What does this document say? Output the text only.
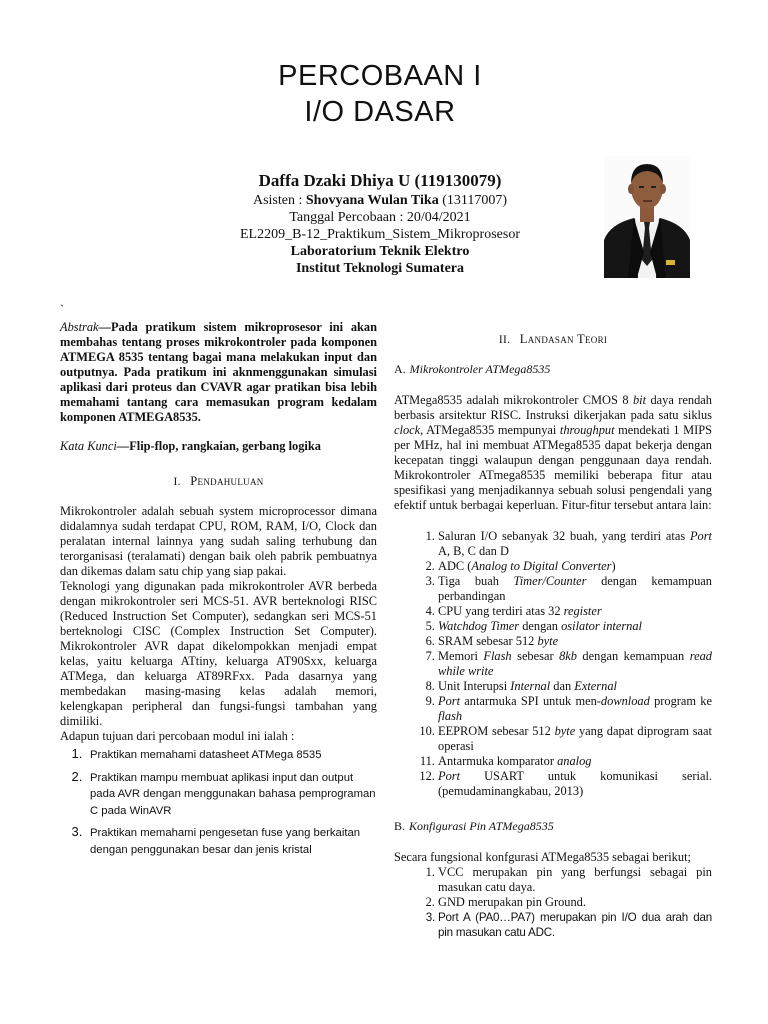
PERCOBAAN I
I/O DASAR
Daffa Dzaki Dhiya U (119130079)
Asisten : Shovyana Wulan Tika (13117007)
Tanggal Percobaan : 20/04/2021
EL2209_B-12_Praktikum_Sistem_Mikroprosesor
Laboratorium Teknik Elektro
Institut Teknologi Sumatera
`

Abstrak—Pada pratikum sistem mikroprosesor ini akan membahas tentang proses mikrokontroler pada komponen ATMEGA 8535 tentang bagai mana melakukan input dan outputnya. Pada pratikum ini aknmenggunakan simulasi aplikasi dari proteus dan CVAVR agar pratikan bisa lebih memahami tantang cara memasukan program kedalam komponen ATMEGA8535.

Kata Kunci—Flip-flop, rangkaian, gerbang logika

I. Pendahuluan

Mikrokontroler adalah sebuah system microprocessor dimana didalamnya sudah terdapat CPU, ROM, RAM, I/O, Clock dan peralatan internal lainnya yang sudah saling terhubung dan terorganisasi (teralamati) dengan baik oleh pabrik pembuatnya dan dikemas dalam satu chip yang siap pakai.

Teknologi yang digunakan pada mikrokontroler AVR berbeda dengan mikrokontroler seri MCS-51. AVR berteknologi RISC (Reduced Instruction Set Computer), sedangkan seri MCS-51 berteknologi CISC (Complex Instruction Set Computer). Mikrokontroler AVR dapat dikelompokkan menjadi empat kelas, yaitu keluarga ATtiny, keluarga AT90Sxx, keluarga ATMega, dan keluarga AT89RFxx. Pada dasarnya yang membedakan masing-masing kelas adalah memori, kelengkapan peripheral dan fungsi-fungsi tambahan yang dimiliki.

Adapun tujuan dari percobaan modul ini ialah :

1. Praktikan memahami datasheet ATMega 8535
2. Praktikan mampu membuat aplikasi input dan output pada AVR dengan menggunakan bahasa pemprograman C pada WinAVR
3. Praktikan memahami pengesetan fuse yang berkaitan dengan penggunakan besar dan jenis kristal
II. Landasan Teori
A. Mikrokontroler ATMega8535

ATMega8535 adalah mikrokontroler CMOS 8 bit daya rendah berbasis arsitektur RISC. Instruksi dikerjakan pada satu siklus clock, ATMega8535 mempunyai throughput mendekati 1 MIPS per MHz, hal ini membuat ATMega8535 dapat bekerja dengan kecepatan tinggi walaupun dengan penggunaan daya rendah. Mikrokontroler ATmega8535 memiliki beberapa fitur atau spesifikasi yang menjadikannya sebuah solusi pengendali yang efektif untuk berbagai keperluan. Fitur-fitur tersebut antara lain:

1. Saluran I/O sebanyak 32 buah, yang terdiri atas Port A, B, C dan D
2. ADC (Analog to Digital Converter)
3. Tiga buah Timer/Counter dengan kemampuan perbandingan
4. CPU yang terdiri atas 32 register
5. Watchdog Timer dengan osilator internal
6. SRAM sebesar 512 byte
7. Memori Flash sebesar 8kb dengan kemampuan read while write
8. Unit Interupsi Internal dan External
9. Port antarmuka SPI untuk men-download program ke flash
10. EEPROM sebesar 512 byte yang dapat diprogram saat operasi
11. Antarmuka komparator analog
12. Port USART untuk komunikasi serial. (pemudaminangkabau, 2013)
B. Konfigurasi Pin ATMega8535

Secara fungsional konfgurasi ATMega8535 sebagai berikut;

1. VCC merupakan pin yang berfungsi sebagai pin masukan catu daya.
2. GND merupakan pin Ground.
3. Port A (PA0…PA7) merupakan pin I/O dua arah dan pin masukan catu ADC.
